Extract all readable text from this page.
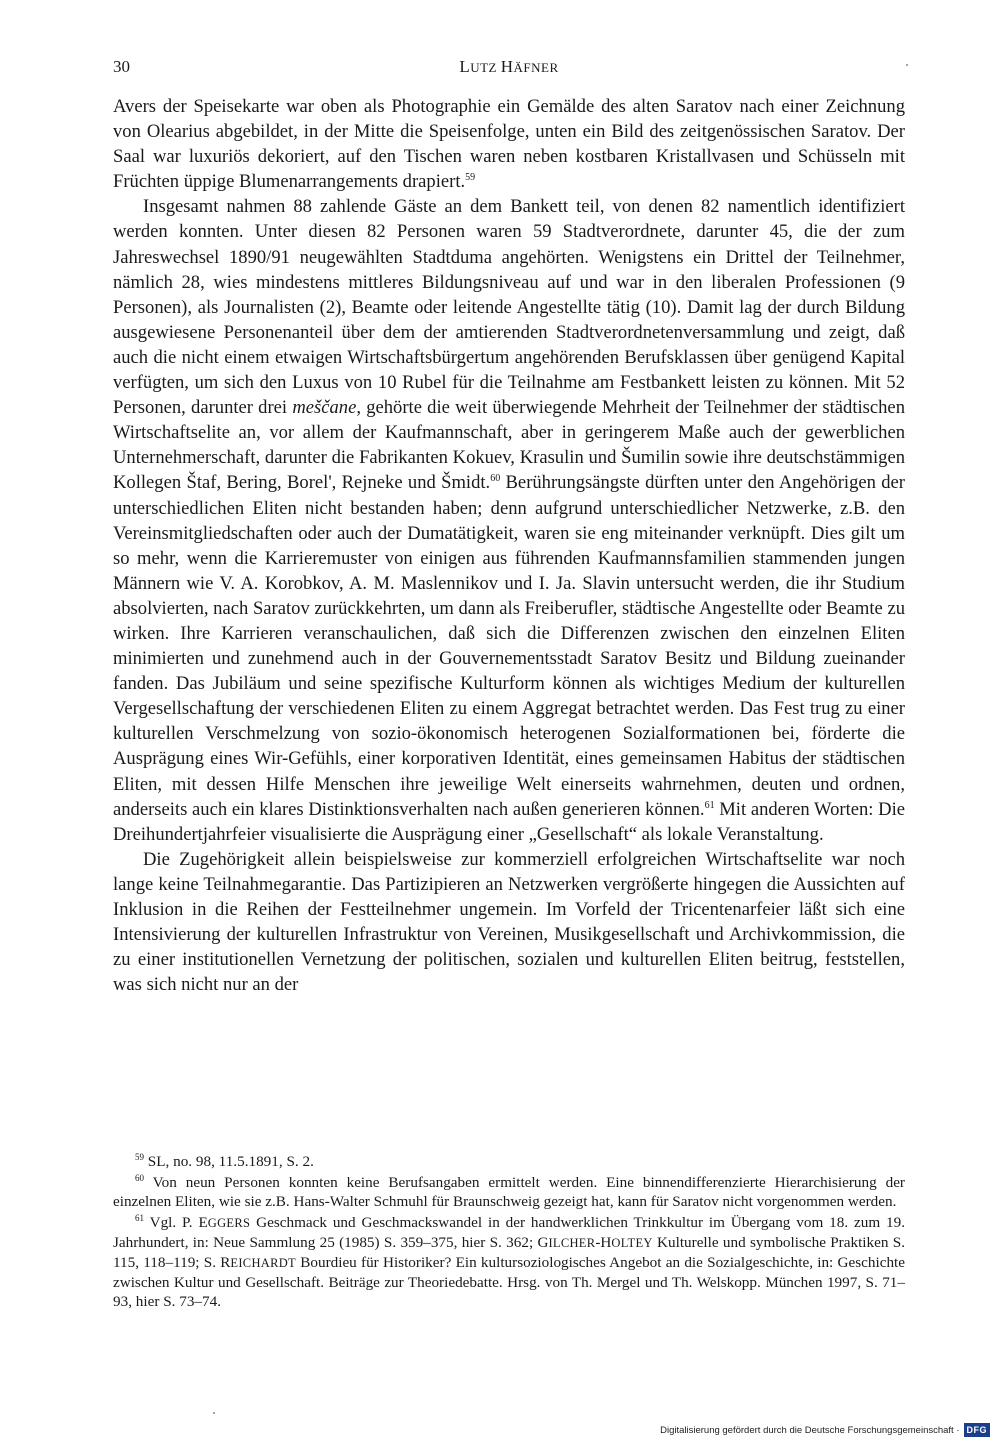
30	LUTZ HÄFNER

Avers der Speisekarte war oben als Photographie ein Gemälde des alten Saratov nach einer Zeichnung von Olearius abgebildet, in der Mitte die Speisenfolge, unten ein Bild des zeitgenössischen Saratov. Der Saal war luxuriös dekoriert, auf den Tischen waren neben kostbaren Kristallvasen und Schüsseln mit Früchten üppige Blumenarrangements drapiert.$^{59}$

Insgesamt nahmen 88 zahlende Gäste an dem Bankett teil, von denen 82 namentlich identifiziert werden konnten. Unter diesen 82 Personen waren 59 Stadtverordnete, darunter 45, die der zum Jahreswechsel 1890/91 neugewählten Stadtduma angehörten. Wenigstens ein Drittel der Teilnehmer, nämlich 28, wies mindestens mittleres Bildungsniveau auf und war in den liberalen Professionen (9 Personen), als Journalisten (2), Beamte oder leitende Angestellte tätig (10). Damit lag der durch Bildung ausgewiesene Personenanteil über dem der amtierenden Stadtverordnetenversammlung und zeigt, daß auch die nicht einem etwaigen Wirtschaftsbürgertum angehörenden Berufsklassen über genügend Kapital verfügten, um sich den Luxus von 10 Rubel für die Teilnahme am Festbankett leisten zu können. Mit 52 Personen, darunter drei meščane, gehörte die weit überwiegende Mehrheit der Teilnehmer der städtischen Wirtschaftselite an, vor allem der Kaufmannschaft, aber in geringerem Maße auch der gewerblichen Unternehmerschaft, darunter die Fabrikanten Kokuev, Krasulin und Šumilin sowie ihre deutschstämmigen Kollegen Štaf, Bering, Borel', Rejneke und Šmidt.$^{60}$ Berührungsängste dürften unter den Angehörigen der unterschiedlichen Eliten nicht bestanden haben; denn aufgrund unterschiedlicher Netzwerke, z.B. den Vereinsmitgliedschaften oder auch der Dumatätigkeit, waren sie eng miteinander verknüpft. Dies gilt um so mehr, wenn die Karrieremuster von einigen aus führenden Kaufmannsfamilien stammenden jungen Männern wie V. A. Korobkov, A. M. Maslennikov und I. Ja. Slavin untersucht werden, die ihr Studium absolvierten, nach Saratov zurückkehrten, um dann als Freiberufler, städtische Angestellte oder Beamte zu wirken. Ihre Karrieren veranschaulichen, daß sich die Differenzen zwischen den einzelnen Eliten minimierten und zunehmend auch in der Gouvernementsstadt Saratov Besitz und Bildung zueinander fanden. Das Jubiläum und seine spezifische Kulturform können als wichtiges Medium der kulturellen Vergesellschaftung der verschiedenen Eliten zu einem Aggregat betrachtet werden. Das Fest trug zu einer kulturellen Verschmelzung von sozio-ökonomisch heterogenen Sozialformationen bei, förderte die Ausprägung eines Wir-Gefühls, einer korporativen Identität, eines gemeinsamen Habitus der städtischen Eliten, mit dessen Hilfe Menschen ihre jeweilige Welt einerseits wahrnehmen, deuten und ordnen, anderseits auch ein klares Distinktionsverhalten nach außen generieren können.$^{61}$ Mit anderen Worten: Die Dreihundertjahrfeier visualisierte die Ausprägung einer „Gesellschaft“ als lokale Veranstaltung.

Die Zugehörigkeit allein beispielsweise zur kommerziell erfolgreichen Wirtschaftselite war noch lange keine Teilnahmegarantie. Das Partizipieren an Netzwerken vergrößerte hingegen die Aussichten auf Inklusion in die Reihen der Festteilnehmer ungemein. Im Vorfeld der Tricentenarfeier läßt sich eine Intensivierung der kulturellen Infrastruktur von Vereinen, Musikgesellschaft und Archivkommission, die zu einer institutionellen Vernetzung der politischen, sozialen und kulturellen Eliten beitrug, feststellen, was sich nicht nur an der

$^{59}$ SL, no. 98, 11.5.1891, S. 2.

$^{60}$ Von neun Personen konnten keine Berufsangaben ermittelt werden. Eine binnendifferenzierte Hierarchisierung der einzelnen Eliten, wie sie z.B. Hans-Walter Schmuhl für Braunschweig gezeigt hat, kann für Saratov nicht vorgenommen werden.

$^{61}$ Vgl. P. EGGERS Geschmack und Geschmackswandel in der handwerklichen Trinkkultur im Übergang vom 18. zum 19. Jahrhundert, in: Neue Sammlung 25 (1985) S. 359–375, hier S. 362; GILCHER-HOLTEY Kulturelle und symbolische Praktiken S. 115, 118–119; S. REICHARDT Bourdieu für Historiker? Ein kultursoziologisches Angebot an die Sozialgeschichte, in: Geschichte zwischen Kultur und Gesellschaft. Beiträge zur Theoriedebatte. Hrsg. von Th. Mergel und Th. Welskopp. München 1997, S. 71–93, hier S. 73–74.

Digitalisierung gefördert durch die Deutsche Forschungsgemeinschaft · DFG
